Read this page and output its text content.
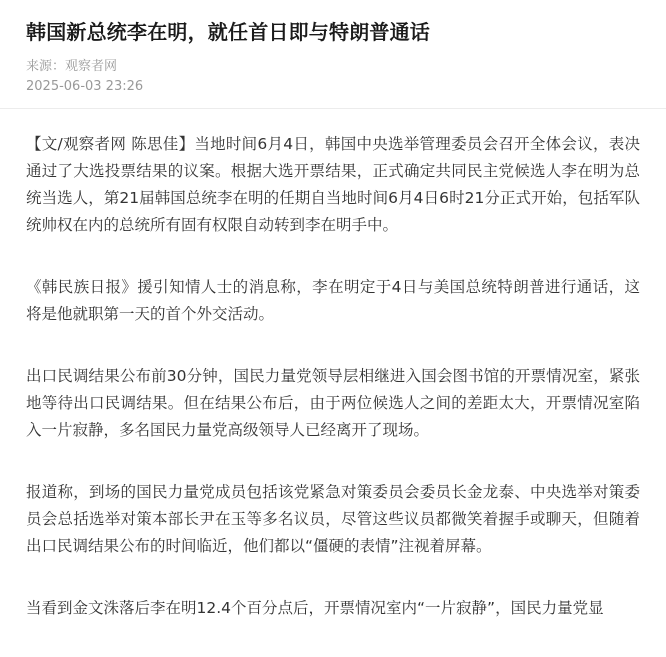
韩国新总统李在明，就任首日即与特朗普通话
来源：观察者网
2025-06-03 23:26

【文/观察者网 陈思佳】当地时间6月4日，韩国中央选举管理委员会召开全体会议，表决通过了大选投票结果的议案。根据大选开票结果，正式确定共同民主党候选人李在明为总统当选人，第21届韩国总统李在明的任期自当地时间6月4日6时21分正式开始，包括军队统帅权在内的总统所有固有权限自动转到李在明手中。

《韩民族日报》援引知情人士的消息称，李在明定于4日与美国总统特朗普进行通话，这将是他就职第一天的首个外交活动。

出口民调结果公布前30分钟，国民力量党领导层相继进入国会图书馆的开票情况室，紧张地等待出口民调结果。但在结果公布后，由于两位候选人之间的差距太大，开票情况室陷入一片寂静，多名国民力量党高级领导人已经离开了现场。

报道称，到场的国民力量党成员包括该党紧急对策委员会委员长金龙泰、中央选举对策委员会总括选举对策本部长尹在玉等多名议员，尽管这些议员都微笑着握手或聊天，但随着出口民调结果公布的时间临近，他们都以“僵硬的表情”注视着屏幕。

当看到金文洙落后李在明12.4个百分点后，开票情况室内“一片寂静”，国民力量党显
